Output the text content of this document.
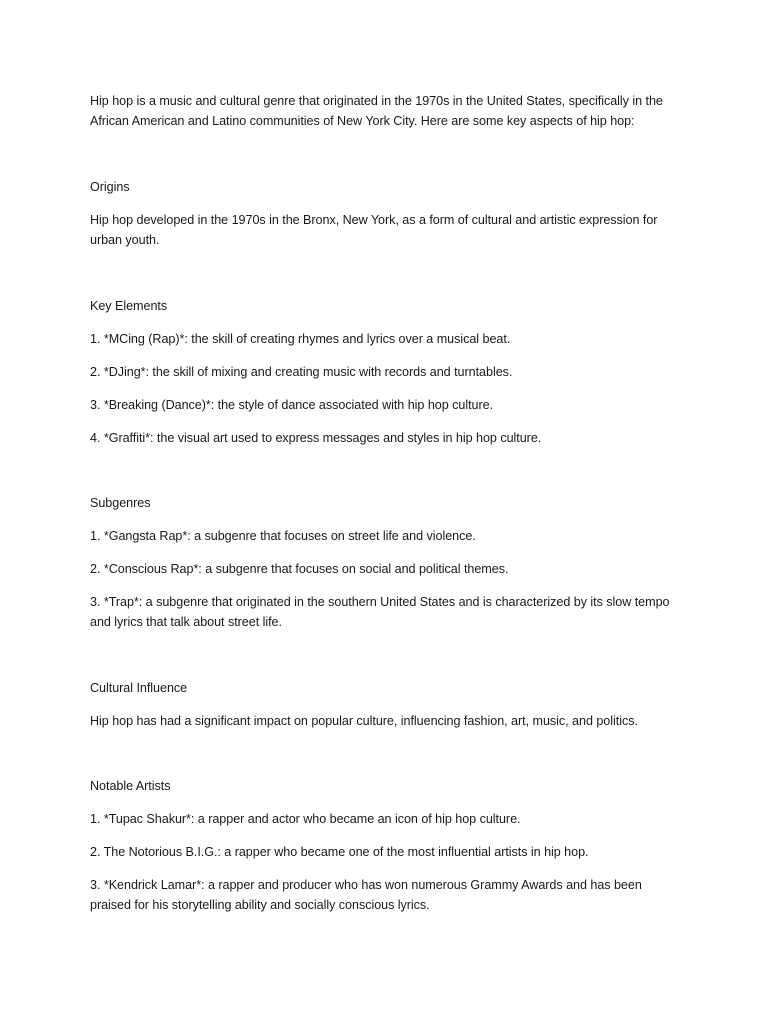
Hip hop is a music and cultural genre that originated in the 1970s in the United States, specifically in the African American and Latino communities of New York City. Here are some key aspects of hip hop:

Origins

Hip hop developed in the 1970s in the Bronx, New York, as a form of cultural and artistic expression for urban youth.

Key Elements

1. *MCing (Rap)*: the skill of creating rhymes and lyrics over a musical beat.

2. *DJing*: the skill of mixing and creating music with records and turntables.

3. *Breaking (Dance)*: the style of dance associated with hip hop culture.

4. *Graffiti*: the visual art used to express messages and styles in hip hop culture.

Subgenres

1. *Gangsta Rap*: a subgenre that focuses on street life and violence.

2. *Conscious Rap*: a subgenre that focuses on social and political themes.

3. *Trap*: a subgenre that originated in the southern United States and is characterized by its slow tempo and lyrics that talk about street life.

Cultural Influence

Hip hop has had a significant impact on popular culture, influencing fashion, art, music, and politics.

Notable Artists

1. *Tupac Shakur*: a rapper and actor who became an icon of hip hop culture.

2. The Notorious B.I.G.: a rapper who became one of the most influential artists in hip hop.

3. *Kendrick Lamar*: a rapper and producer who has won numerous Grammy Awards and has been praised for his storytelling ability and socially conscious lyrics.
